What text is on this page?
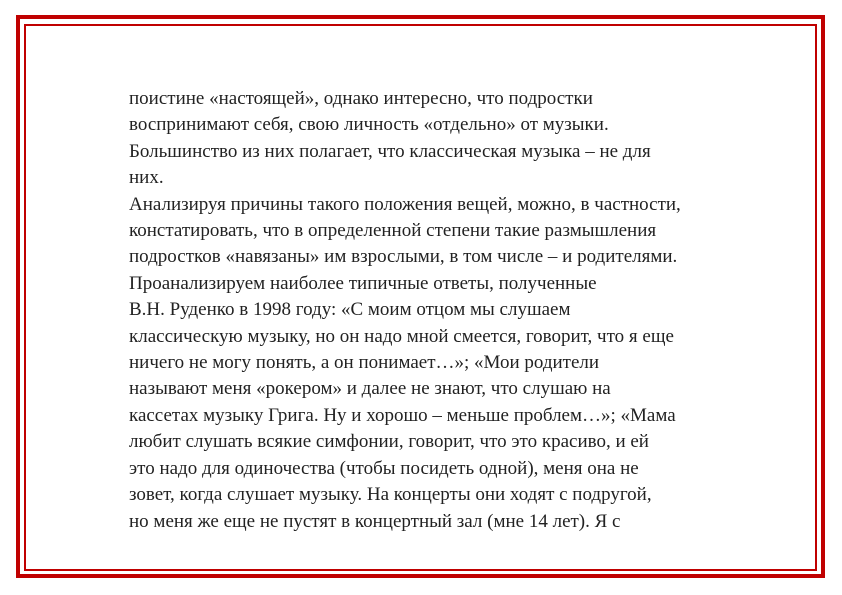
поистине «настоящей», однако интересно, что подростки
воспринимают себя, свою личность «отдельно» от музыки.
Большинство из них полагает, что классическая музыка – не для
них.
Анализируя причины такого положения вещей, можно, в частности,
констатировать, что в определенной степени такие размышления
подростков «навязаны» им взрослыми, в том числе – и родителями.
Проанализируем наиболее типичные ответы, полученные
В.Н. Руденко в 1998 году: «С моим отцом мы слушаем
классическую музыку, но он надо мной смеется, говорит, что я еще
ничего не могу понять, а он понимает…»; «Мои родители
называют меня «рокером» и далее не знают, что слушаю на
кассетах музыку Грига. Ну и хорошо – меньше проблем…»; «Мама
любит слушать всякие симфонии, говорит, что это красиво, и ей
это надо для одиночества (чтобы посидеть одной), меня она не
зовет, когда слушает музыку. На концерты они ходят с подругой,
но меня же еще не пустят в концертный зал (мне 14 лет). Я с
